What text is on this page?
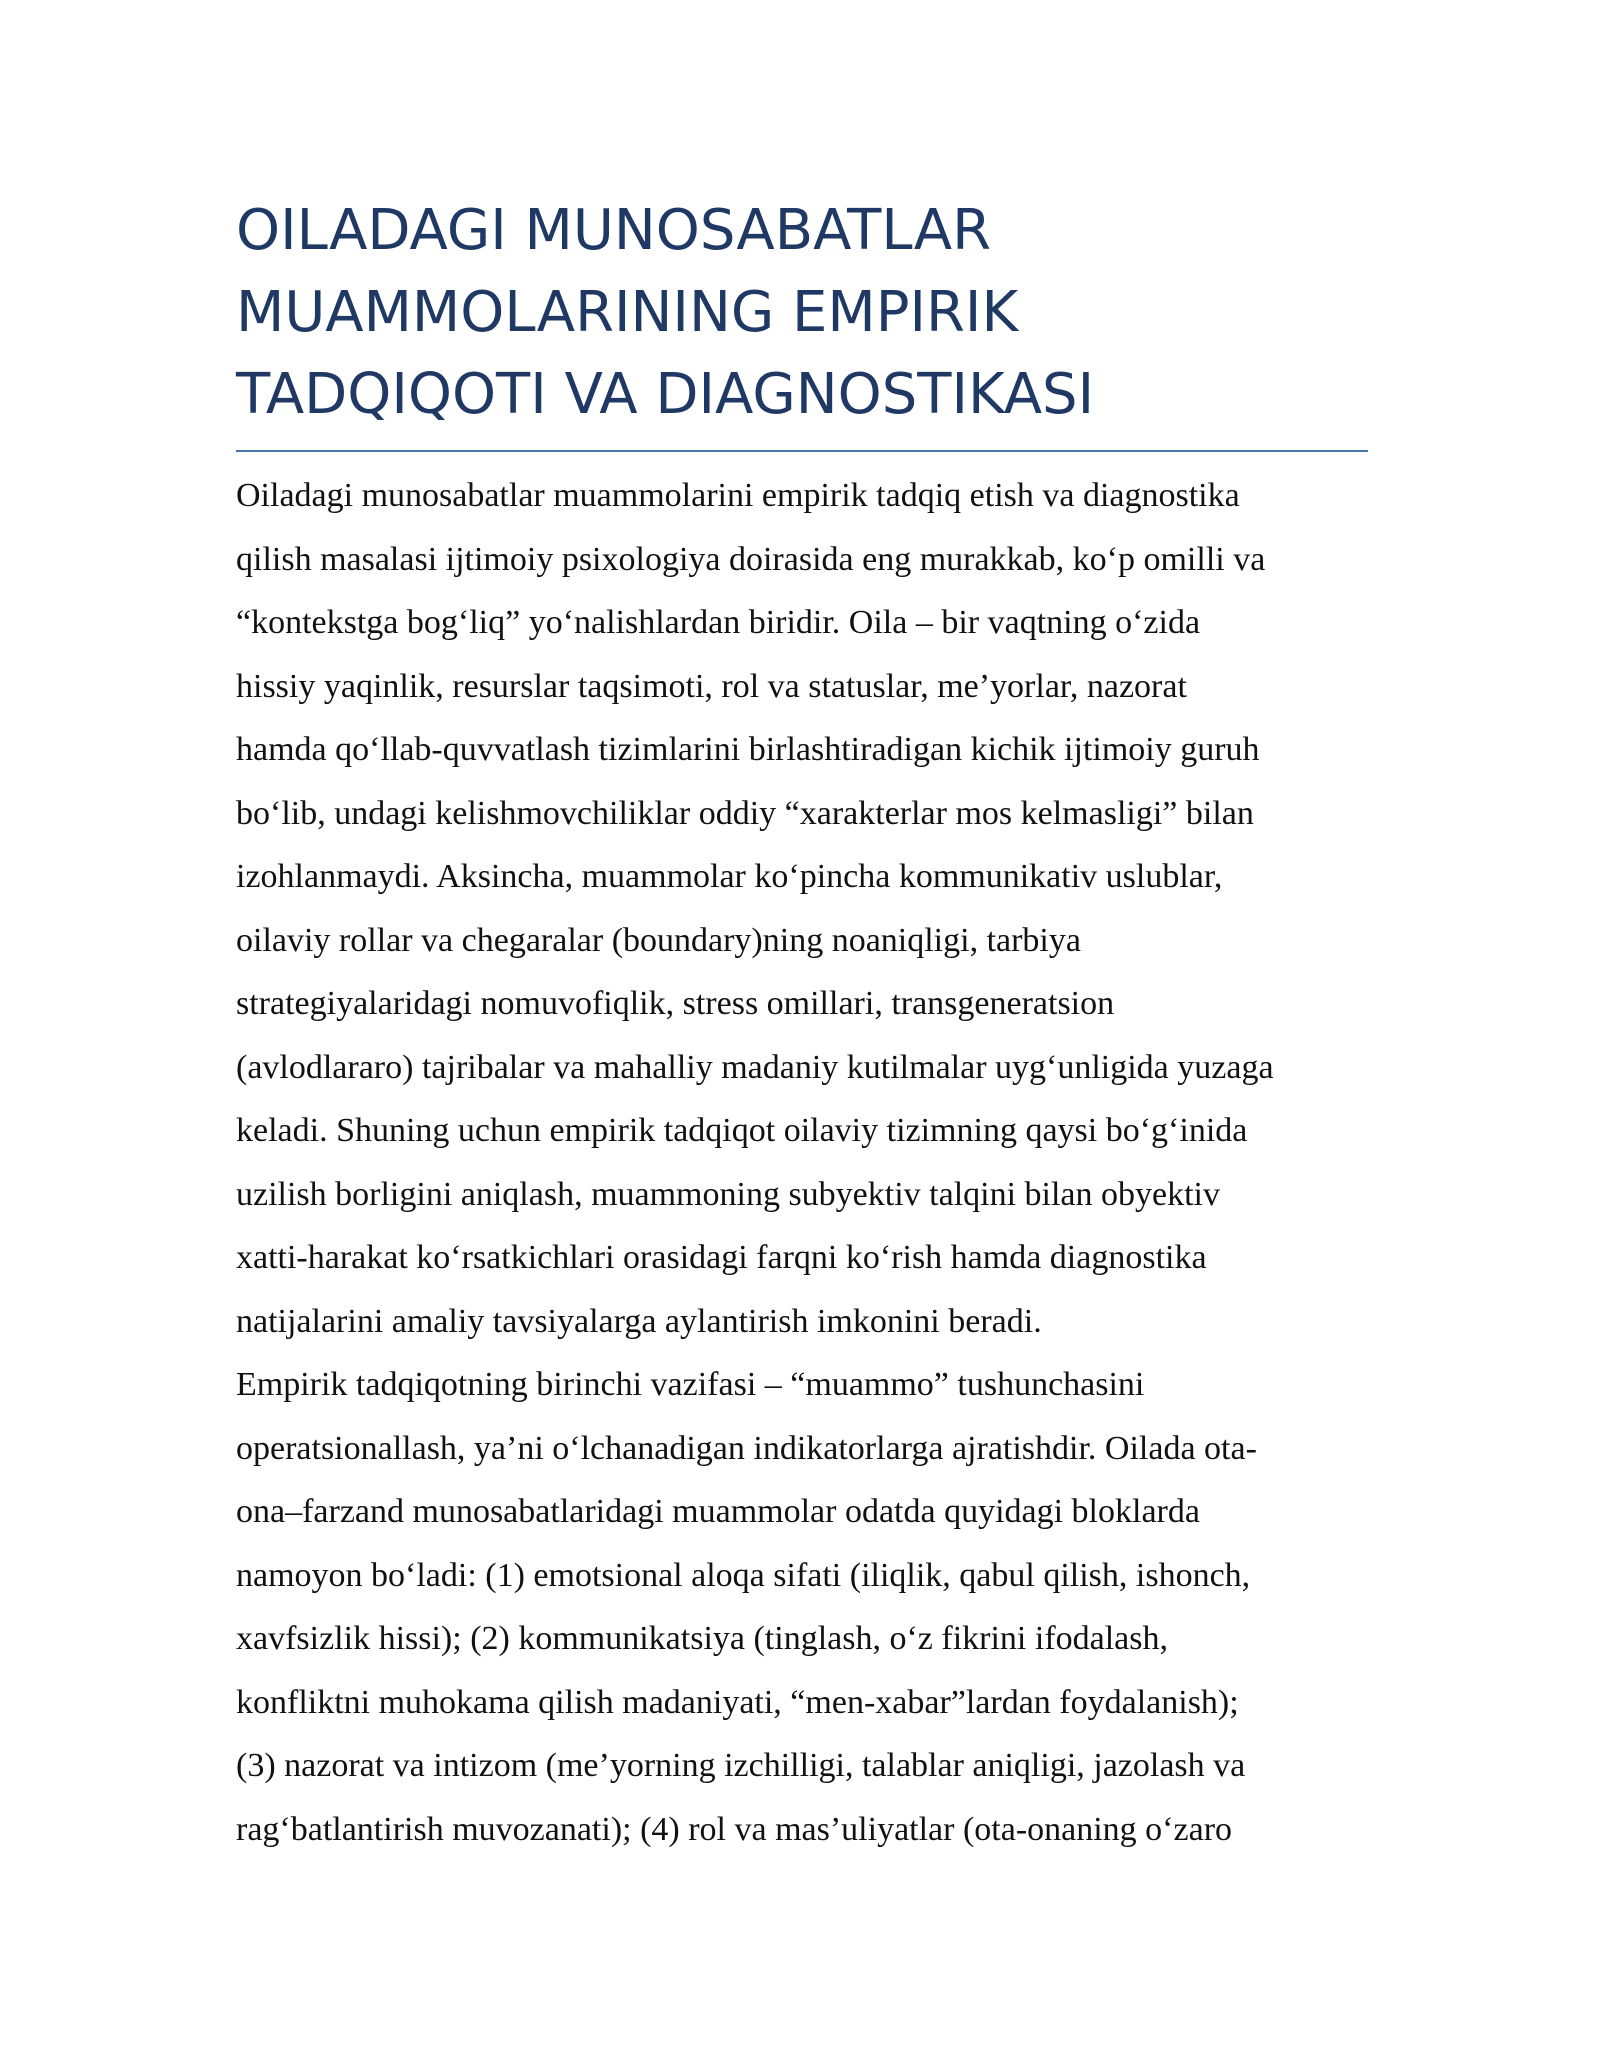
OILADAGI MUNOSABATLAR
MUAMMOLARINING EMPIRIK
TADQIQOTI VA DIAGNOSTIKASI

Oiladagi munosabatlar muammolarini empirik tadqiq etish va diagnostika
qilish masalasi ijtimoiy psixologiya doirasida eng murakkab, koʻp omilli va
“kontekstga bogʻliq” yoʻnalishlardan biridir. Oila – bir vaqtning oʻzida
hissiy yaqinlik, resurslar taqsimoti, rol va statuslar, me’yorlar, nazorat
hamda qoʻllab-quvvatlash tizimlarini birlashtiradigan kichik ijtimoiy guruh
boʻlib, undagi kelishmovchiliklar oddiy “xarakterlar mos kelmasligi” bilan
izohlanmaydi. Aksincha, muammolar koʻpincha kommunikativ uslublar,
oilaviy rollar va chegaralar (boundary)ning noaniqligi, tarbiya
strategiyalaridagi nomuvofiqlik, stress omillari, transgeneratsion
(avlodlararo) tajribalar va mahalliy madaniy kutilmalar uygʻunligida yuzaga
keladi. Shuning uchun empirik tadqiqot oilaviy tizimning qaysi boʻgʻinida
uzilish borligini aniqlash, muammoning subyektiv talqini bilan obyektiv
xatti-harakat koʻrsatkichlari orasidagi farqni koʻrish hamda diagnostika
natijalarini amaliy tavsiyalarga aylantirish imkonini beradi.

Empirik tadqiqotning birinchi vazifasi – “muammo” tushunchasini
operatsionallash, ya’ni oʻlchanadigan indikatorlarga ajratishdir. Oilada ota-
ona–farzand munosabatlaridagi muammolar odatda quyidagi bloklarda
namoyon boʻladi: (1) emotsional aloqa sifati (iliqlik, qabul qilish, ishonch,
xavfsizlik hissi); (2) kommunikatsiya (tinglash, oʻz fikrini ifodalash,
konfliktni muhokama qilish madaniyati, “men-xabar”lardan foydalanish);
(3) nazorat va intizom (me’yorning izchilligi, talablar aniqligi, jazolash va
ragʻbatlantirish muvozanati); (4) rol va mas’uliyatlar (ota-onaning oʻzaro
